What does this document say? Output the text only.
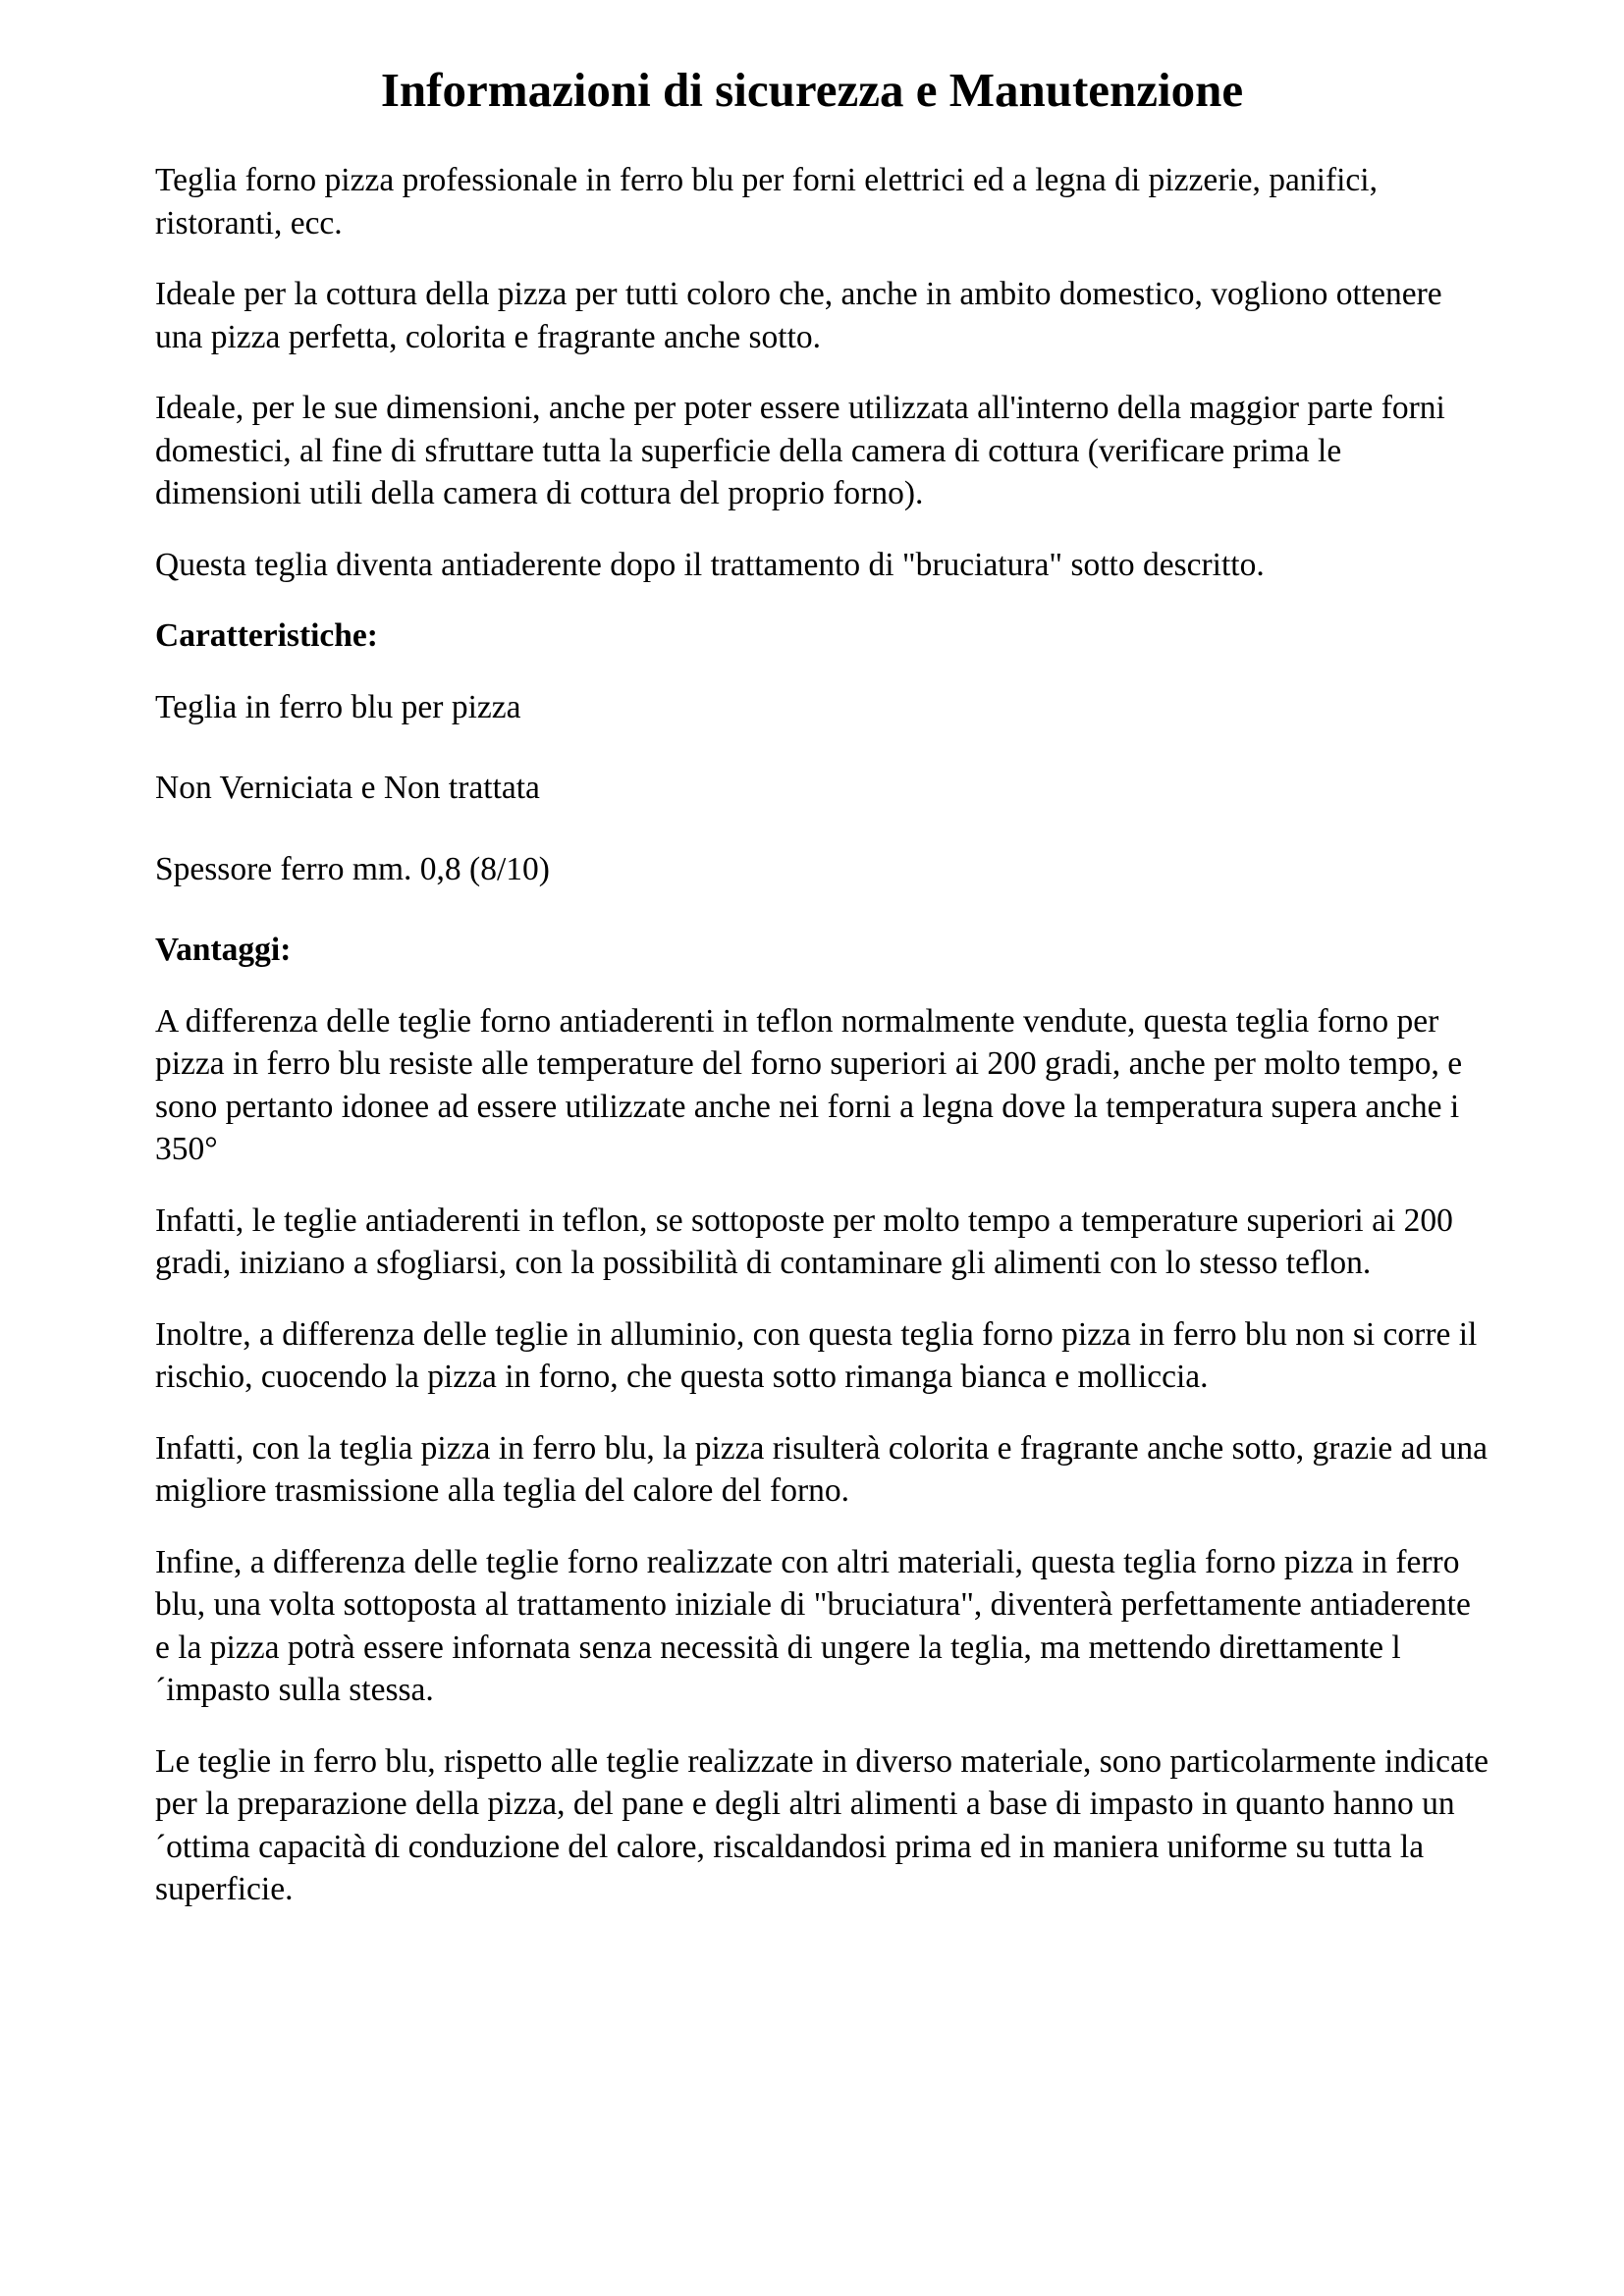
Informazioni di sicurezza e Manutenzione

Teglia forno pizza professionale in ferro blu per forni elettrici ed a legna di pizzerie, panifici, ristoranti, ecc.

Ideale per la cottura della pizza per tutti coloro che, anche in ambito domestico, vogliono ottenere una pizza perfetta, colorita e fragrante anche sotto.

Ideale, per le sue dimensioni, anche per poter essere utilizzata all'interno della maggior parte forni domestici, al fine di sfruttare tutta la superficie della camera di cottura (verificare prima le dimensioni utili della camera di cottura del proprio forno).

Questa teglia diventa antiaderente dopo il trattamento di "bruciatura" sotto descritto.

Caratteristiche:

Teglia in ferro blu per pizza

Non Verniciata e Non trattata

Spessore ferro mm. 0,8 (8/10)

Vantaggi:

A differenza delle teglie forno antiaderenti in teflon normalmente vendute, questa teglia forno per pizza in ferro blu resiste alle temperature del forno superiori ai 200 gradi, anche per molto tempo, e sono pertanto idonee ad essere utilizzate anche nei forni a legna dove la temperatura supera anche i 350°

Infatti, le teglie antiaderenti in teflon, se sottoposte per molto tempo a temperature superiori ai 200 gradi, iniziano a sfogliarsi, con la possibilità di contaminare gli alimenti con lo stesso teflon.

Inoltre, a differenza delle teglie in alluminio, con questa teglia forno pizza in ferro blu non si corre il rischio, cuocendo la pizza in forno, che questa sotto rimanga bianca e molliccia.

Infatti, con la teglia pizza in ferro blu, la pizza risulterà colorita e fragrante anche sotto, grazie ad una migliore trasmissione alla teglia del calore del forno.

Infine, a differenza delle teglie forno realizzate con altri materiali, questa teglia forno pizza in ferro blu, una volta sottoposta al trattamento iniziale di "bruciatura", diventerà perfettamente antiaderente e la pizza potrà essere infornata senza necessità di ungere la teglia, ma mettendo direttamente l´impasto sulla stessa.

Le teglie in ferro blu, rispetto alle teglie realizzate in diverso materiale, sono particolarmente indicate per la preparazione della pizza, del pane e degli altri alimenti a base di impasto in quanto hanno un´ottima capacità di conduzione del calore, riscaldandosi prima ed in maniera uniforme su tutta la superficie.
